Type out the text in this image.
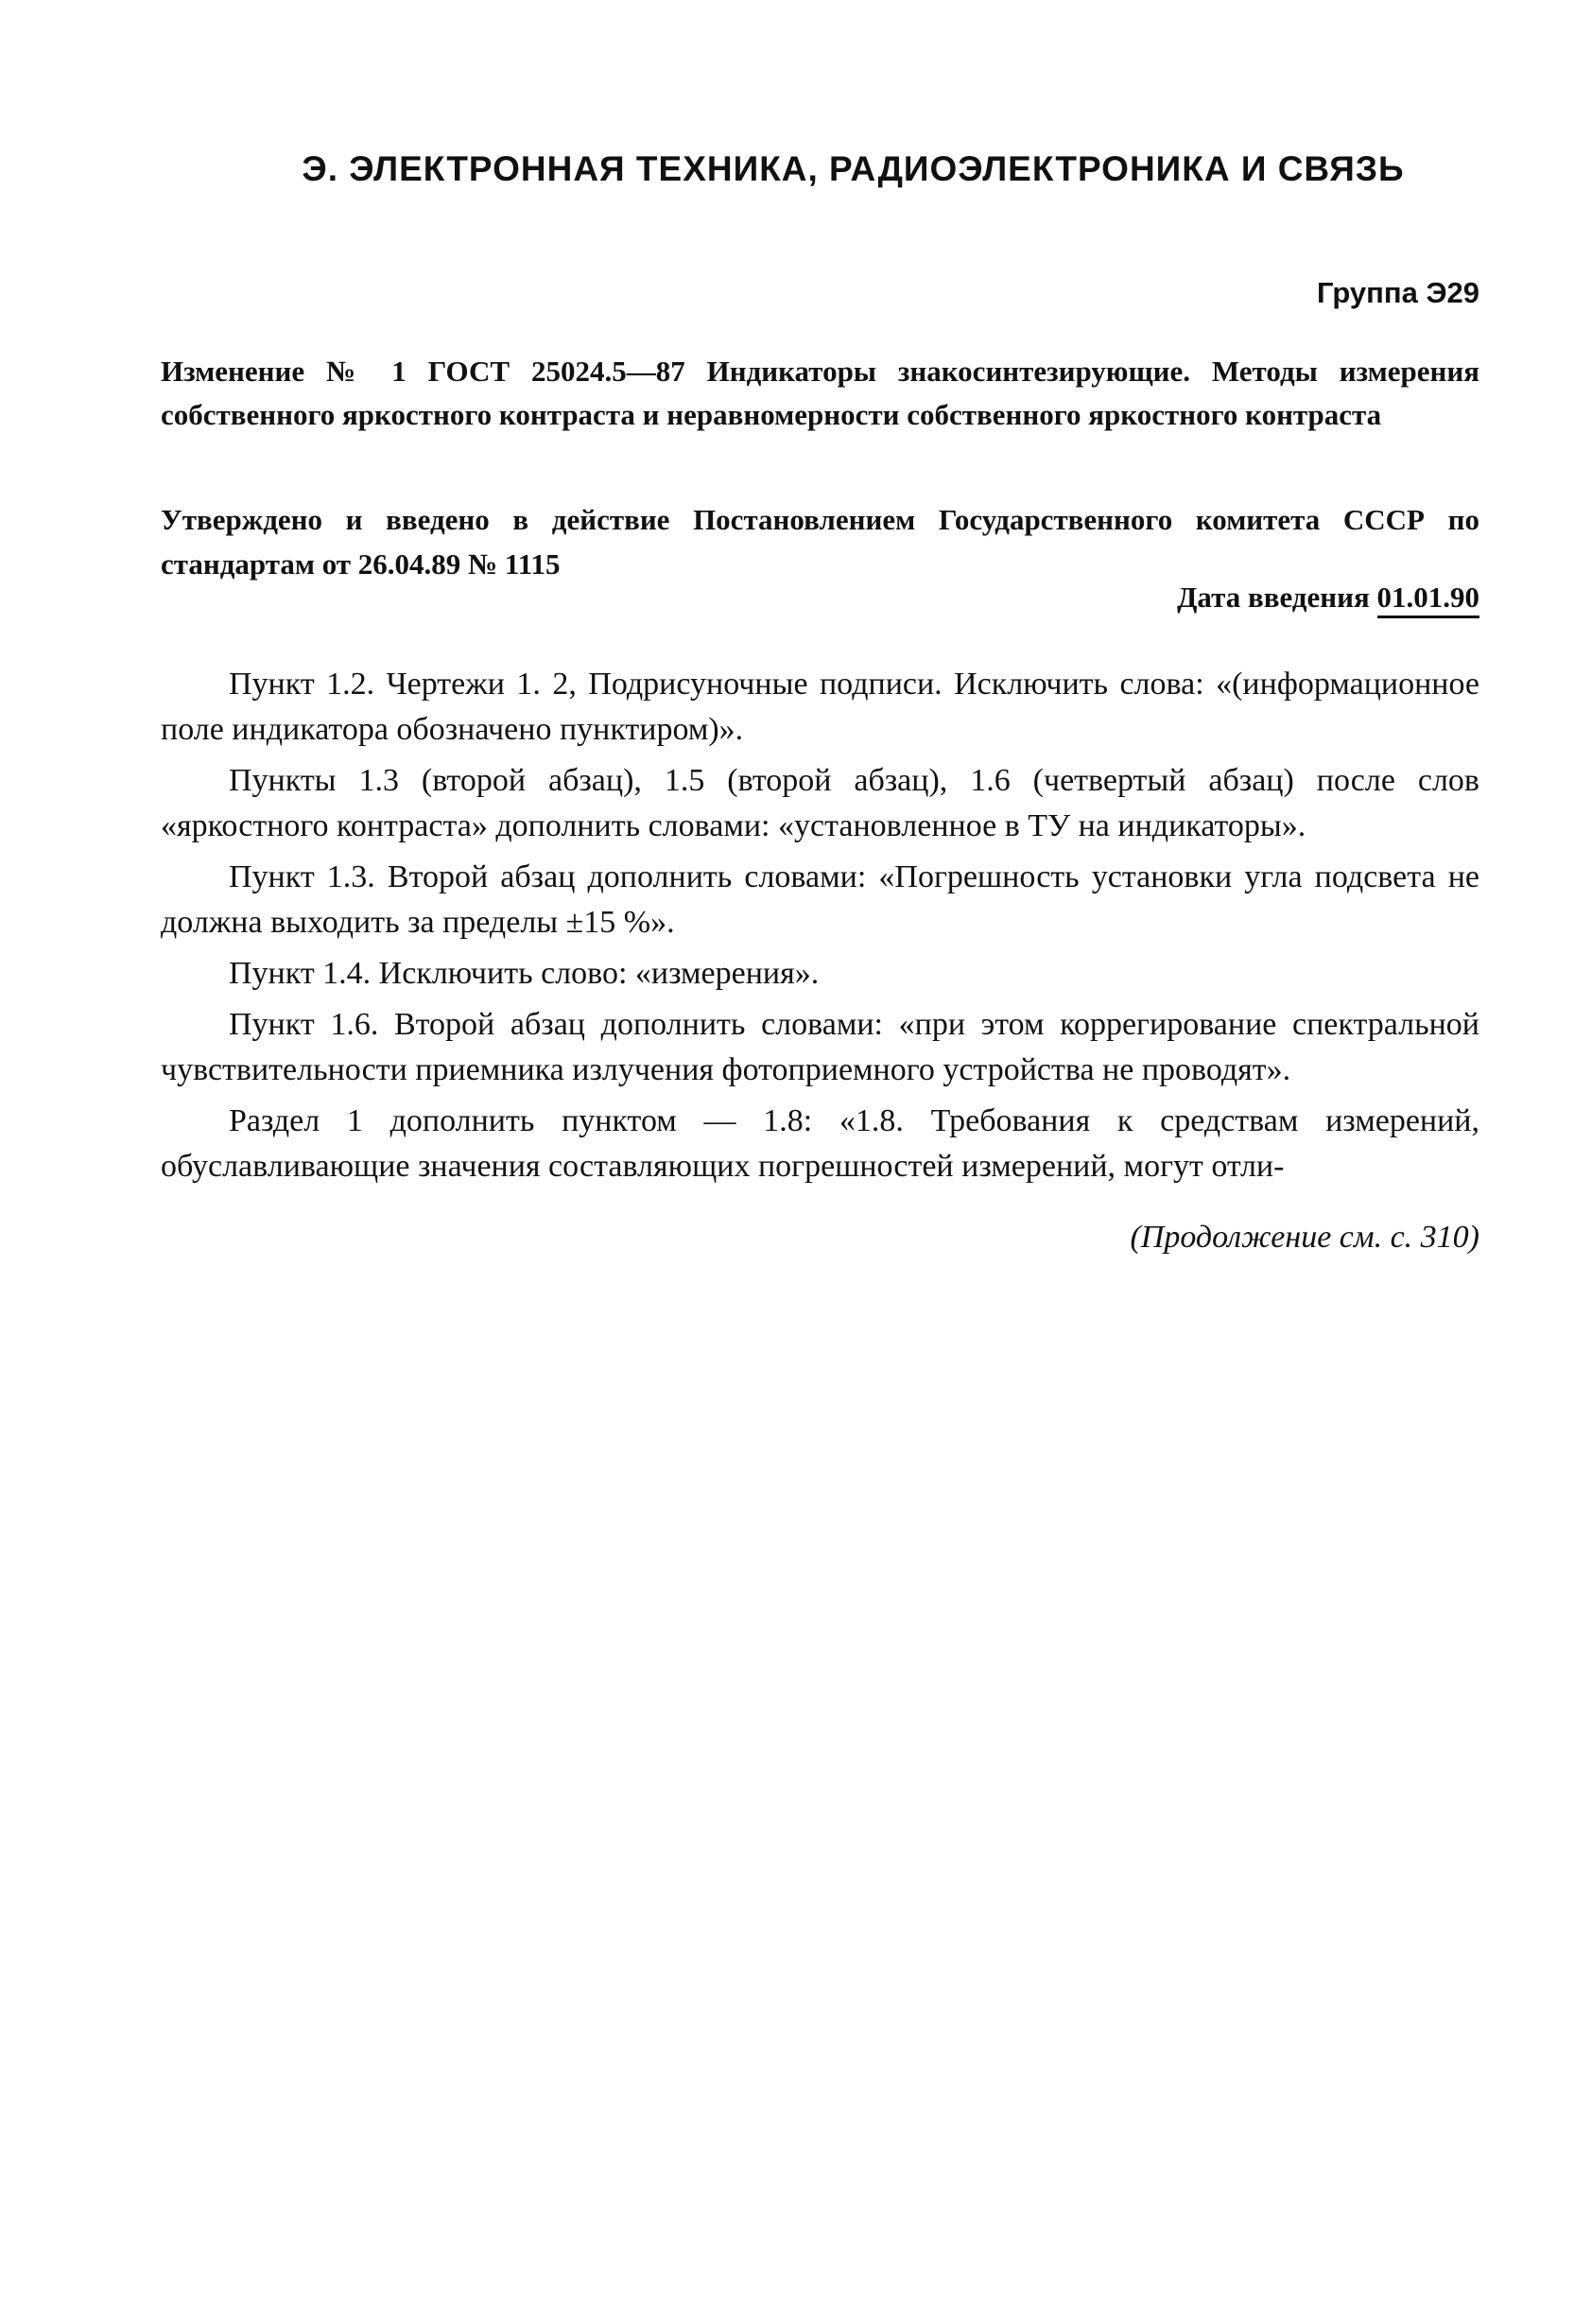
Э. ЭЛЕКТРОННАЯ ТЕХНИКА, РАДИОЭЛЕКТРОНИКА И СВЯЗЬ
Группа Э29
Изменение № 1 ГОСТ 25024.5—87 Индикаторы знакосинтезирующие. Методы измерения собственного яркостного контраста и неравномерности собственного яркостного контраста
Утверждено и введено в действие Постановлением Государственного комитета СССР по стандартам от 26.04.89 № 1115
Дата введения 01.01.90

Пункт 1.2. Чертежи 1. 2, Подрисуночные подписи. Исключить слова: «(информационное поле индикатора обозначено пунктиром)».

Пункты 1.3 (второй абзац), 1.5 (второй абзац), 1.6 (четвертый абзац) после слов «яркостного контраста» дополнить словами: «установленное в ТУ на индикаторы».

Пункт 1.3. Второй абзац дополнить словами: «Погрешность установки угла подсвета не должна выходить за пределы ±15 %».

Пункт 1.4. Исключить слово: «измерения».

Пункт 1.6. Второй абзац дополнить словами: «при этом коррегирование спектральной чувствительности приемника излучения фотоприемного устройства не проводят».

Раздел 1 дополнить пунктом — 1.8: «1.8. Требования к средствам измерений, обуславливающие значения составляющих погрешностей измерений, могут отли-

(Продолжение см. с. 310)
